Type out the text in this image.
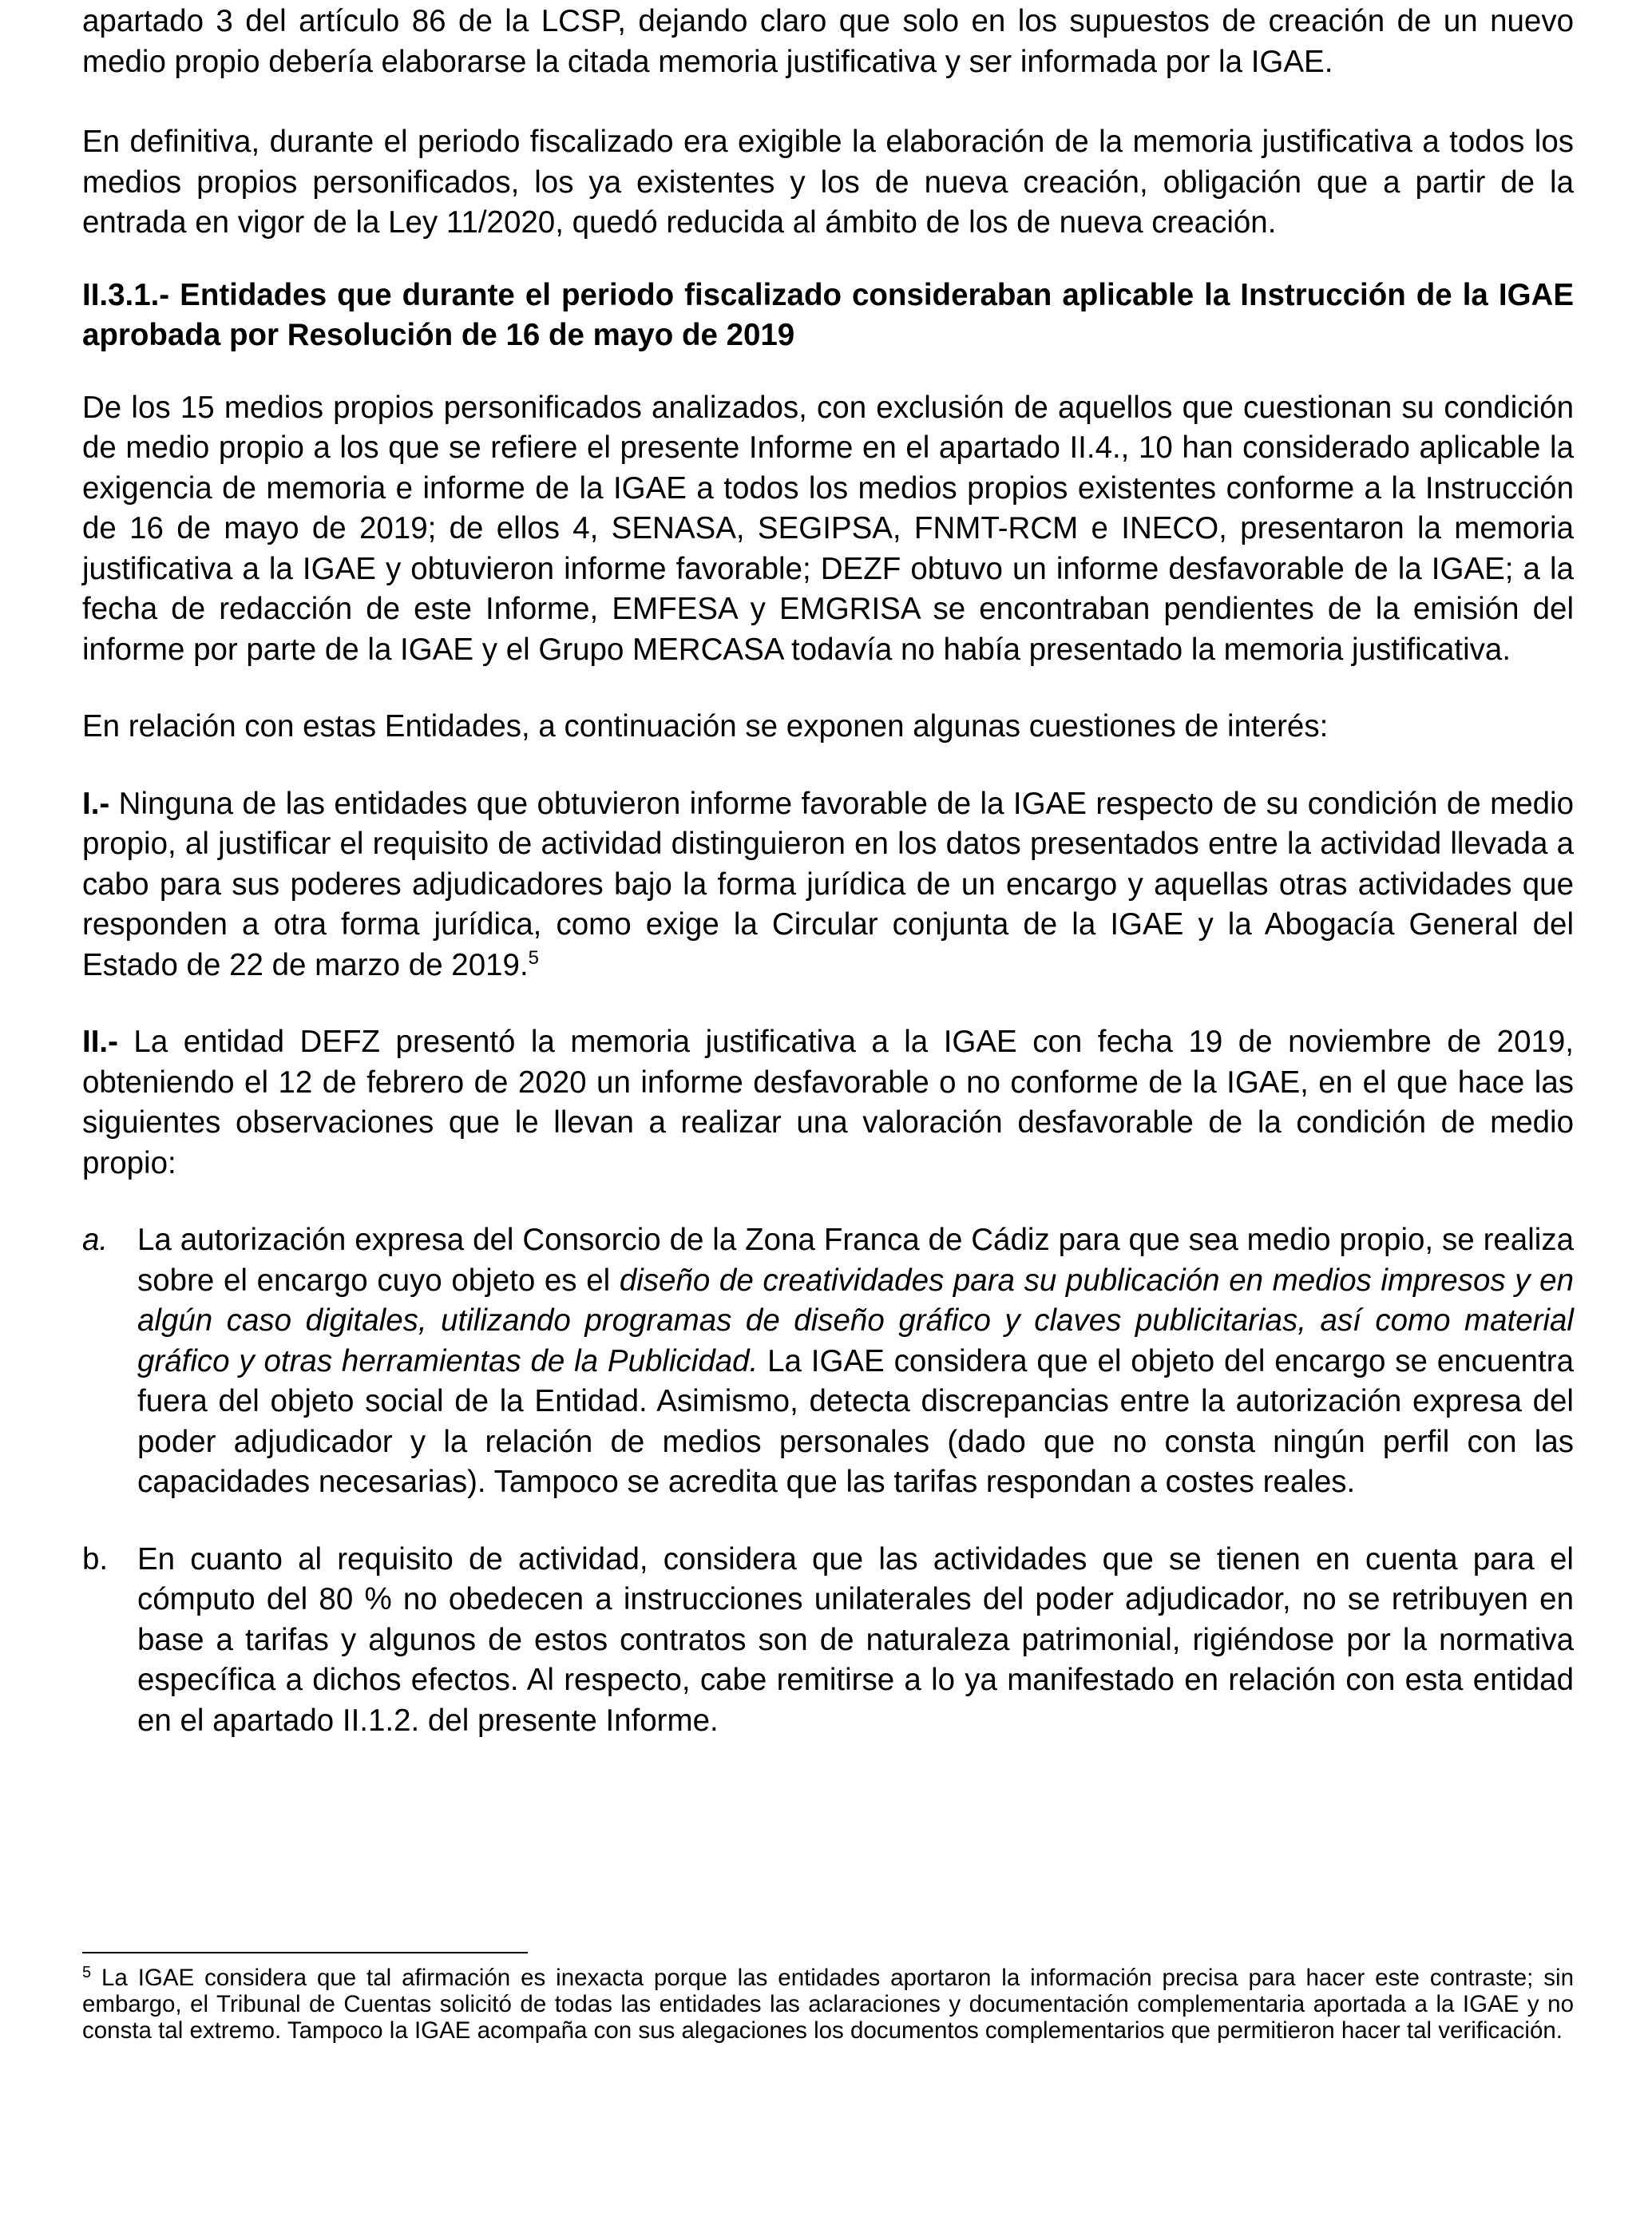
apartado 3 del artículo 86 de la LCSP, dejando claro que solo en los supuestos de creación de un nuevo medio propio debería elaborarse la citada memoria justificativa y ser informada por la IGAE.

En definitiva, durante el periodo fiscalizado era exigible la elaboración de la memoria justificativa a todos los medios propios personificados, los ya existentes y los de nueva creación, obligación que a partir de la entrada en vigor de la Ley 11/2020, quedó reducida al ámbito de los de nueva creación.

II.3.1.- Entidades que durante el periodo fiscalizado consideraban aplicable la Instrucción de la IGAE aprobada por Resolución de 16 de mayo de 2019

De los 15 medios propios personificados analizados, con exclusión de aquellos que cuestionan su condición de medio propio a los que se refiere el presente Informe en el apartado II.4., 10 han considerado aplicable la exigencia de memoria e informe de la IGAE a todos los medios propios existentes conforme a la Instrucción de 16 de mayo de 2019; de ellos 4, SENASA, SEGIPSA, FNMT-RCM e INECO, presentaron la memoria justificativa a la IGAE y obtuvieron informe favorable; DEZF obtuvo un informe desfavorable de la IGAE; a la fecha de redacción de este Informe, EMFESA y EMGRISA se encontraban pendientes de la emisión del informe por parte de la IGAE y el Grupo MERCASA todavía no había presentado la memoria justificativa.

En relación con estas Entidades, a continuación se exponen algunas cuestiones de interés:

I.- Ninguna de las entidades que obtuvieron informe favorable de la IGAE respecto de su condición de medio propio, al justificar el requisito de actividad distinguieron en los datos presentados entre la actividad llevada a cabo para sus poderes adjudicadores bajo la forma jurídica de un encargo y aquellas otras actividades que responden a otra forma jurídica, como exige la Circular conjunta de la IGAE y la Abogacía General del Estado de 22 de marzo de 2019.$^5$

II.- La entidad DEFZ presentó la memoria justificativa a la IGAE con fecha 19 de noviembre de 2019, obteniendo el 12 de febrero de 2020 un informe desfavorable o no conforme de la IGAE, en el que hace las siguientes observaciones que le llevan a realizar una valoración desfavorable de la condición de medio propio:

a. La autorización expresa del Consorcio de la Zona Franca de Cádiz para que sea medio propio, se realiza sobre el encargo cuyo objeto es el diseño de creatividades para su publicación en medios impresos y en algún caso digitales, utilizando programas de diseño gráfico y claves publicitarias, así como material gráfico y otras herramientas de la Publicidad. La IGAE considera que el objeto del encargo se encuentra fuera del objeto social de la Entidad. Asimismo, detecta discrepancias entre la autorización expresa del poder adjudicador y la relación de medios personales (dado que no consta ningún perfil con las capacidades necesarias). Tampoco se acredita que las tarifas respondan a costes reales.

b. En cuanto al requisito de actividad, considera que las actividades que se tienen en cuenta para el cómputo del 80 % no obedecen a instrucciones unilaterales del poder adjudicador, no se retribuyen en base a tarifas y algunos de estos contratos son de naturaleza patrimonial, rigiéndose por la normativa específica a dichos efectos. Al respecto, cabe remitirse a lo ya manifestado en relación con esta entidad en el apartado II.1.2. del presente Informe.

$^5$ La IGAE considera que tal afirmación es inexacta porque las entidades aportaron la información precisa para hacer este contraste; sin embargo, el Tribunal de Cuentas solicitó de todas las entidades las aclaraciones y documentación complementaria aportada a la IGAE y no consta tal extremo. Tampoco la IGAE acompaña con sus alegaciones los documentos complementarios que permitieron hacer tal verificación.
